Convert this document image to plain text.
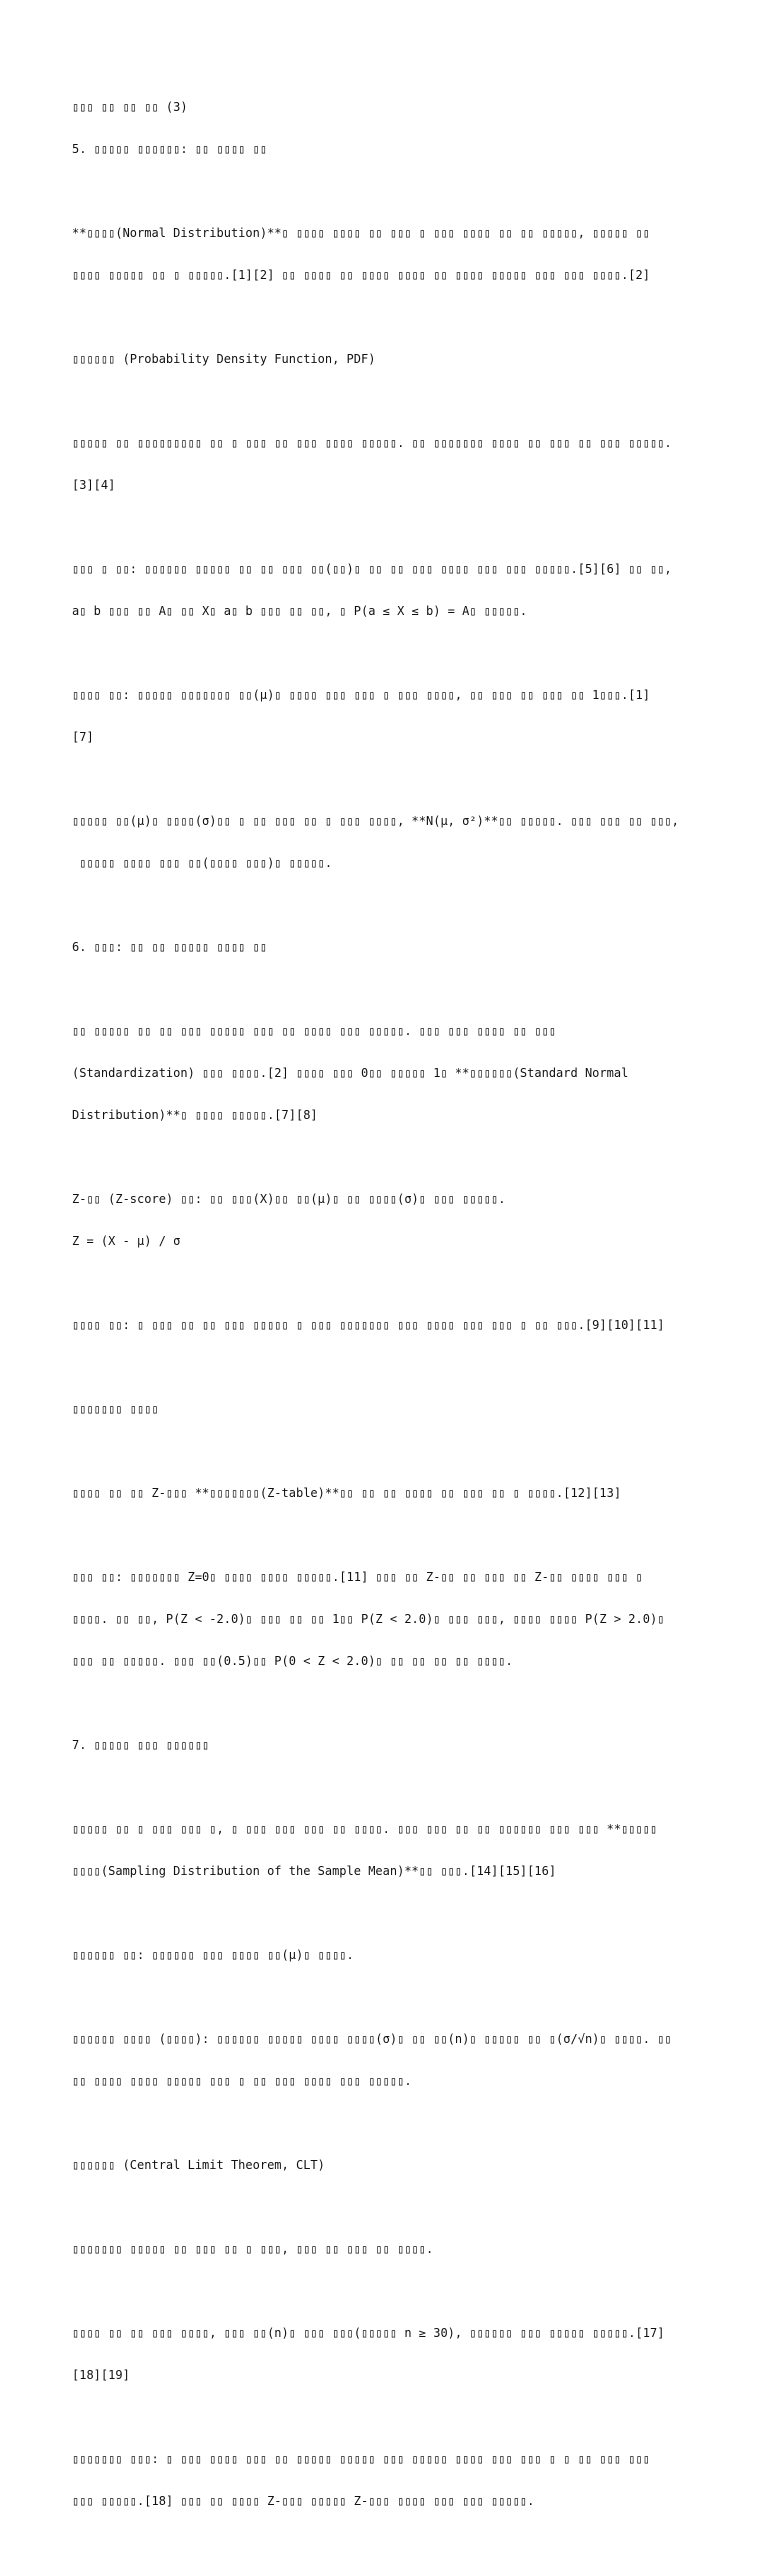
▯▯▯ ▯▯ ▯▯ ▯▯ (3)

5. ▯▯▯▯▯ ▯▯▯▯▯▯: ▯▯ ▯▯▯▯ ▯▯

**▯▯▯▯(Normal Distribution)**▯ ▯▯▯▯ ▯▯▯▯ ▯▯ ▯▯▯ ▯ ▯▯▯ ▯▯▯▯ ▯▯ ▯▯ ▯▯▯▯▯, ▯▯▯▯▯ ▯▯

▯▯▯▯ ▯▯▯▯▯ ▯▯ ▯ ▯▯▯▯▯.[1][2] ▯▯ ▯▯▯▯ ▯▯ ▯▯▯▯ ▯▯▯▯ ▯▯ ▯▯▯▯ ▯▯▯▯▯ ▯▯▯ ▯▯▯ ▯▯▯▯.[2]

▯▯▯▯▯▯ (Probability Density Function, PDF)

▯▯▯▯▯ ▯▯ ▯▯▯▯▯▯▯▯▯ ▯▯ ▯ ▯▯▯ ▯▯ ▯▯▯ ▯▯▯▯ ▯▯▯▯▯. ▯▯ ▯▯▯▯▯▯▯ ▯▯▯▯ ▯▯ ▯▯▯ ▯▯ ▯▯▯ ▯▯▯▯▯.

[3][4]

▯▯▯ ▯ ▯▯: ▯▯▯▯▯▯ ▯▯▯▯▯ ▯▯ ▯▯ ▯▯▯ ▯▯(▯▯)▯ ▯▯ ▯▯ ▯▯▯ ▯▯▯▯ ▯▯▯ ▯▯▯ ▯▯▯▯▯.[5][6] ▯▯ ▯▯,

a▯ b ▯▯▯ ▯▯ A▯ ▯▯ X▯ a▯ b ▯▯▯ ▯▯ ▯▯, ▯ P(a ≤ X ≤ b) = A▯ ▯▯▯▯▯.

▯▯▯▯ ▯▯: ▯▯▯▯▯ ▯▯▯▯▯▯▯ ▯▯(μ)▯ ▯▯▯▯ ▯▯▯ ▯▯▯ ▯ ▯▯▯ ▯▯▯▯, ▯▯ ▯▯▯ ▯▯ ▯▯▯ ▯▯ 1▯▯▯.[1]

[7]

▯▯▯▯▯ ▯▯(μ)▯ ▯▯▯▯(σ)▯▯ ▯ ▯▯ ▯▯▯ ▯▯ ▯ ▯▯▯ ▯▯▯▯, **N(μ, σ²)**▯▯ ▯▯▯▯▯. ▯▯▯ ▯▯▯ ▯▯ ▯▯▯,

▯▯▯▯▯ ▯▯▯▯ ▯▯▯ ▯▯(▯▯▯▯ ▯▯▯)▯ ▯▯▯▯▯.

6. ▯▯▯: ▯▯ ▯▯ ▯▯▯▯▯ ▯▯▯▯ ▯▯

▯▯ ▯▯▯▯▯ ▯▯ ▯▯ ▯▯▯ ▯▯▯▯▯ ▯▯▯ ▯▯ ▯▯▯▯ ▯▯▯ ▯▯▯▯▯. ▯▯▯ ▯▯▯ ▯▯▯▯ ▯▯ ▯▯▯

(Standardization) ▯▯▯ ▯▯▯▯.[2] ▯▯▯▯ ▯▯▯ 0▯▯ ▯▯▯▯▯ 1▯ **▯▯▯▯▯▯(Standard Normal

Distribution)**▯ ▯▯▯▯ ▯▯▯▯▯.[7][8]

Z-▯▯ (Z-score) ▯▯: ▯▯ ▯▯▯(X)▯▯ ▯▯(μ)▯ ▯▯ ▯▯▯▯(σ)▯ ▯▯▯ ▯▯▯▯▯.

Z = (X - μ) / σ

▯▯▯▯ ▯▯: ▯ ▯▯▯ ▯▯ ▯▯ ▯▯▯ ▯▯▯▯▯ ▯ ▯▯▯ ▯▯▯▯▯▯▯ ▯▯▯ ▯▯▯▯ ▯▯▯ ▯▯▯ ▯ ▯▯ ▯▯▯.[9][10][11]

▯▯▯▯▯▯▯ ▯▯▯▯

▯▯▯▯ ▯▯ ▯▯ Z-▯▯▯ **▯▯▯▯▯▯▯(Z-table)**▯▯ ▯▯ ▯▯ ▯▯▯▯ ▯▯ ▯▯▯ ▯▯ ▯ ▯▯▯▯.[12][13]

▯▯▯ ▯▯: ▯▯▯▯▯▯▯ Z=0▯ ▯▯▯▯ ▯▯▯▯ ▯▯▯▯▯.[11] ▯▯▯ ▯▯ Z-▯▯ ▯▯ ▯▯▯ ▯▯ Z-▯▯ ▯▯▯▯ ▯▯▯ ▯

▯▯▯▯. ▯▯ ▯▯, P(Z < -2.0)▯ ▯▯▯ ▯▯ ▯▯ 1▯▯ P(Z < 2.0)▯ ▯▯▯ ▯▯▯, ▯▯▯▯ ▯▯▯▯ P(Z > 2.0)▯

▯▯▯ ▯▯ ▯▯▯▯▯. ▯▯▯ ▯▯(0.5)▯▯ P(0 < Z < 2.0)▯ ▯▯ ▯▯ ▯▯ ▯▯ ▯▯▯▯.

7. ▯▯▯▯▯ ▯▯▯ ▯▯▯▯▯▯

▯▯▯▯▯ ▯▯ ▯ ▯▯▯ ▯▯▯ ▯, ▯ ▯▯▯ ▯▯▯ ▯▯▯ ▯▯ ▯▯▯▯. ▯▯▯ ▯▯▯ ▯▯ ▯▯ ▯▯▯▯▯▯ ▯▯▯ ▯▯▯ **▯▯▯▯▯

▯▯▯▯(Sampling Distribution of the Sample Mean)**▯▯ ▯▯▯.[14][15][16]

▯▯▯▯▯▯ ▯▯: ▯▯▯▯▯▯ ▯▯▯ ▯▯▯▯ ▯▯(μ)▯ ▯▯▯▯.

▯▯▯▯▯▯ ▯▯▯▯ (▯▯▯▯): ▯▯▯▯▯▯ ▯▯▯▯▯ ▯▯▯▯ ▯▯▯▯(σ)▯ ▯▯ ▯▯(n)▯ ▯▯▯▯▯ ▯▯ ▯(σ/√n)▯ ▯▯▯▯. ▯▯

▯▯ ▯▯▯▯ ▯▯▯▯ ▯▯▯▯▯ ▯▯▯ ▯ ▯▯ ▯▯▯ ▯▯▯▯ ▯▯▯ ▯▯▯▯▯.

▯▯▯▯▯▯ (Central Limit Theorem, CLT)

▯▯▯▯▯▯▯ ▯▯▯▯▯ ▯▯ ▯▯▯ ▯▯ ▯ ▯▯▯, ▯▯▯ ▯▯ ▯▯▯ ▯▯ ▯▯▯▯.

▯▯▯▯ ▯▯ ▯▯ ▯▯▯ ▯▯▯▯, ▯▯▯ ▯▯(n)▯ ▯▯▯ ▯▯▯(▯▯▯▯▯ n ≥ 30), ▯▯▯▯▯▯ ▯▯▯ ▯▯▯▯▯ ▯▯▯▯▯.[17]

[18][19]

▯▯▯▯▯▯▯ ▯▯▯: ▯ ▯▯▯ ▯▯▯▯ ▯▯▯ ▯▯ ▯▯▯▯▯ ▯▯▯▯▯ ▯▯▯ ▯▯▯▯▯ ▯▯▯▯ ▯▯▯ ▯▯▯ ▯ ▯ ▯▯ ▯▯▯ ▯▯▯

▯▯▯ ▯▯▯▯▯.[18] ▯▯▯ ▯▯ ▯▯▯▯ Z-▯▯▯ ▯▯▯▯▯ Z-▯▯▯ ▯▯▯▯ ▯▯▯ ▯▯▯ ▯▯▯▯▯.
